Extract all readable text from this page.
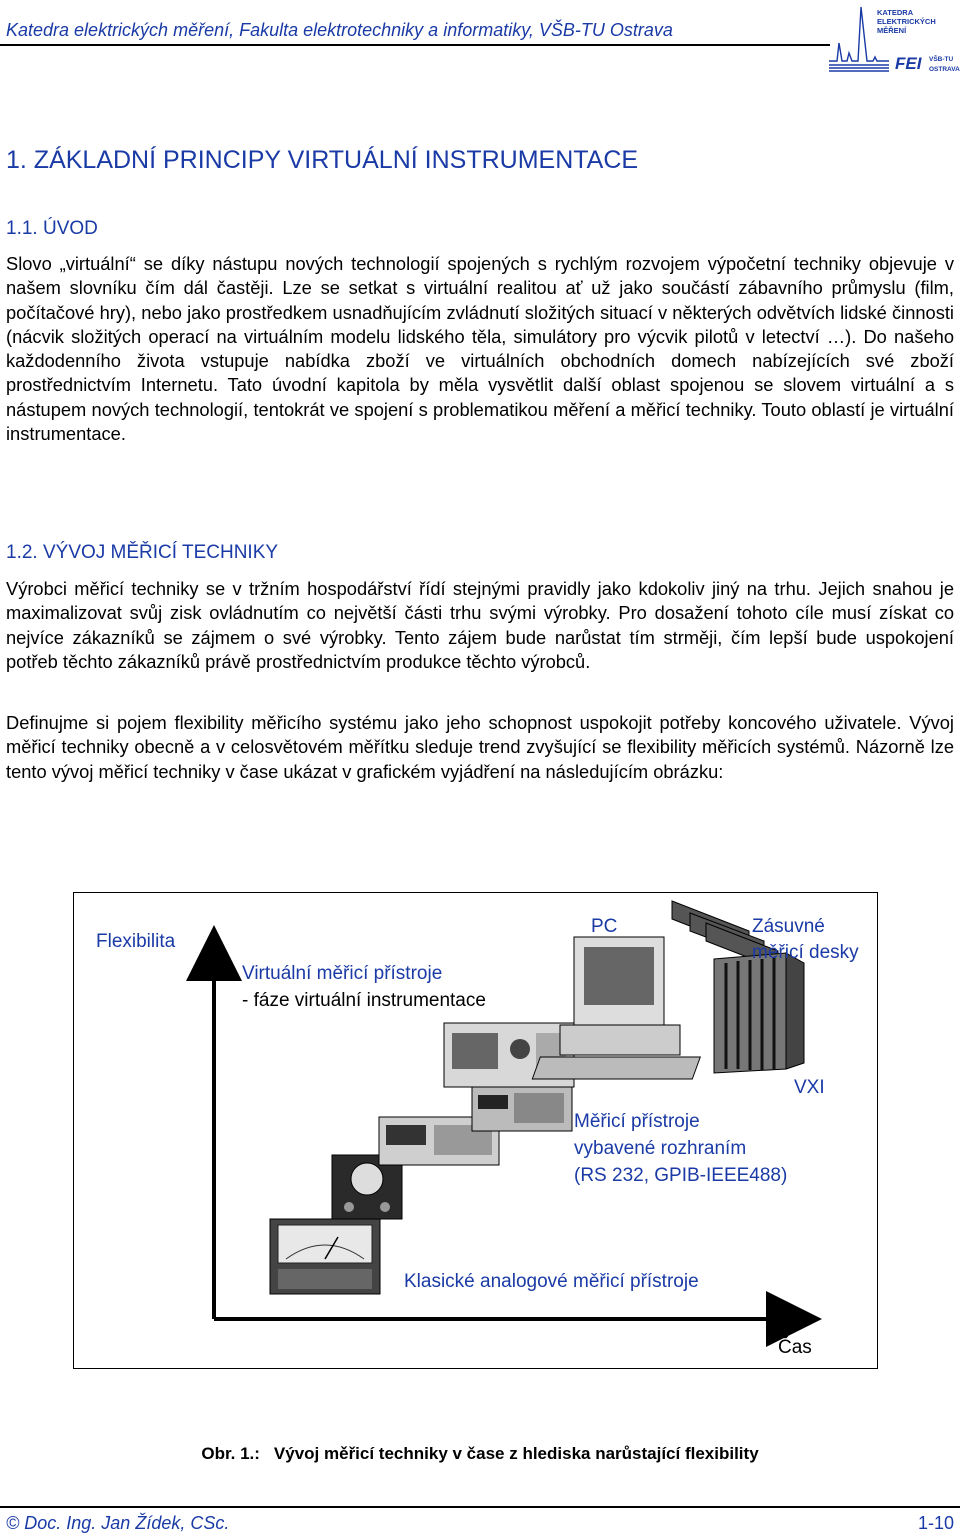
Katedra elektrických měření, Fakulta elektrotechniky a informatiky, VŠB-TU Ostrava
KATEDRA
ELEKTRICKÝCH
MĚŘENÍ
FEI VŠB-TU
OSTRAVA
1. ZÁKLADNÍ PRINCIPY VIRTUÁLNÍ INSTRUMENTACE
1.1. ÚVOD

Slovo „virtuální“ se díky nástupu nových technologií spojených s rychlým rozvojem výpočetní techniky objevuje v našem slovníku čím dál častěji. Lze se setkat s virtuální realitou ať už jako součástí zábavního průmyslu (film, počítačové hry), nebo jako prostředkem usnadňujícím zvládnutí složitých situací v některých odvětvích lidské činnosti (nácvik složitých operací na virtuálním modelu lidského těla, simulátory pro výcvik pilotů v letectví …). Do našeho každodenního života vstupuje nabídka zboží ve virtuálních obchodních domech nabízejících své zboží prostřednictvím Internetu. Tato úvodní kapitola by měla vysvětlit další oblast spojenou se slovem virtuální a s nástupem nových technologií, tentokrát ve spojení s problematikou měření a měřicí techniky. Touto oblastí je virtuální instrumentace.

1.2. VÝVOJ MĚŘICÍ TECHNIKY

Výrobci měřicí techniky se v tržním hospodářství řídí stejnými pravidly jako kdokoliv jiný na trhu. Jejich snahou je maximalizovat svůj zisk ovládnutím co největší části trhu svými výrobky. Pro dosažení tohoto cíle musí získat co nejvíce zákazníků se zájmem o své výrobky. Tento zájem bude narůstat tím strměji, čím lepší bude uspokojení potřeb těchto zákazníků právě prostřednictvím produkce těchto výrobců.

Definujme si pojem flexibility měřicího systému jako jeho schopnost uspokojit potřeby koncového uživatele. Vývoj měřicí techniky obecně a v celosvětovém měřítku sleduje trend zvyšující se flexibility měřicích systémů. Názorně lze tento vývoj měřicí techniky v čase ukázat v grafickém vyjádření na následujícím obrázku:

Flexibilita
Virtuální měřicí přístroje
- fáze virtuální instrumentace
PC	Zásuvné
měřicí desky
VXI
Měřicí přístroje
vybavené rozhraním
(RS 232, GPIB-IEEE488)
Klasické analogové měřicí přístroje
Čas
Obr. 1.: Vývoj měřicí techniky v čase z hlediska narůstající flexibility
© Doc. Ing. Jan Žídek, CSc.	1-10
